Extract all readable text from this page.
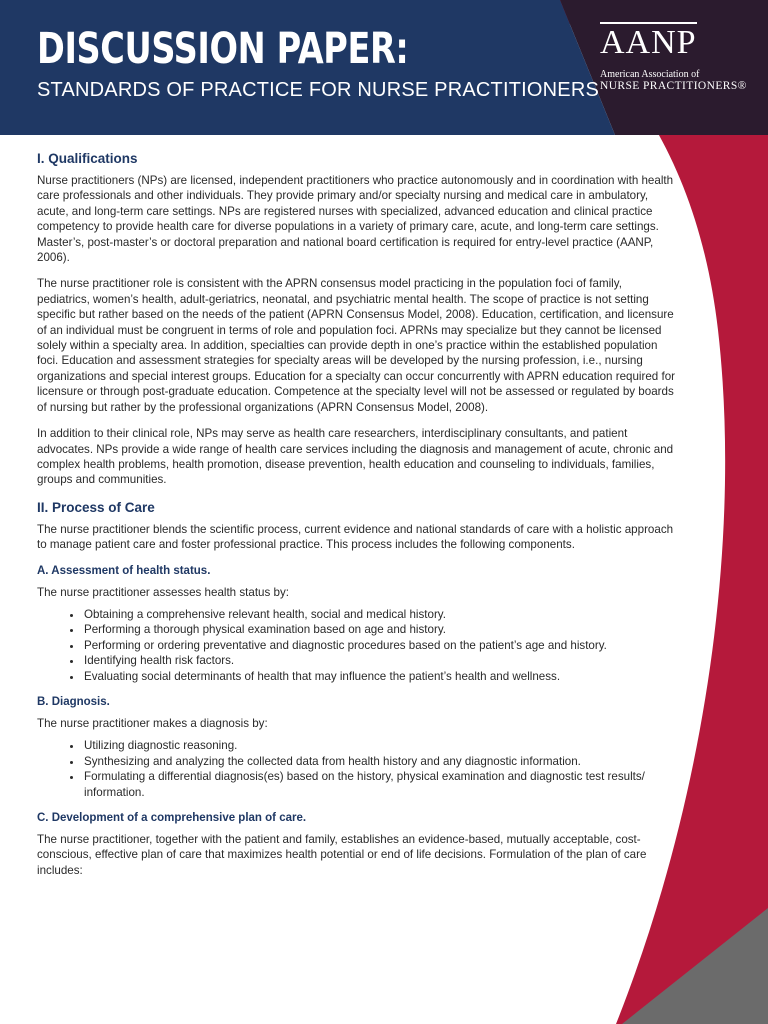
DISCUSSION PAPER:
STANDARDS OF PRACTICE FOR NURSE PRACTITIONERS
AANP
American Association of
NURSE PRACTITIONERS®
I. Qualifications

Nurse practitioners (NPs) are licensed, independent practitioners who practice autonomously and in coordination with health care professionals and other individuals. They provide primary and/or specialty nursing and medical care in ambulatory, acute, and long-term care settings. NPs are registered nurses with specialized, advanced education and clinical practice competency to provide health care for diverse populations in a variety of primary care, acute, and long-term care settings. Master’s, post-master’s or doctoral preparation and national board certification is required for entry-level practice (AANP, 2006).

The nurse practitioner role is consistent with the APRN consensus model practicing in the population foci of family, pediatrics, women’s health, adult-geriatrics, neonatal, and psychiatric mental health. The scope of practice is not setting specific but rather based on the needs of the patient (APRN Consensus Model, 2008). Education, certification, and licensure of an individual must be congruent in terms of role and population foci. APRNs may specialize but they cannot be licensed solely within a specialty area. In addition, specialties can provide depth in one’s practice within the established population foci. Education and assessment strategies for specialty areas will be developed by the nursing profession, i.e., nursing organizations and special interest groups. Education for a specialty can occur concurrently with APRN education required for licensure or through post-graduate education. Competence at the specialty level will not be assessed or regulated by boards of nursing but rather by the professional organizations (APRN Consensus Model, 2008).

In addition to their clinical role, NPs may serve as health care researchers, interdisciplinary consultants, and patient advocates. NPs provide a wide range of health care services including the diagnosis and management of acute, chronic and complex health problems, health promotion, disease prevention, health education and counseling to individuals, families, groups and communities.

II. Process of Care

The nurse practitioner blends the scientific process, current evidence and national standards of care with a holistic approach to manage patient care and foster professional practice. This process includes the following components.

A. Assessment of health status.

The nurse practitioner assesses health status by:

• Obtaining a comprehensive relevant health, social and medical history.
• Performing a thorough physical examination based on age and history.
• Performing or ordering preventative and diagnostic procedures based on the patient’s age and history.
• Identifying health risk factors.
• Evaluating social determinants of health that may influence the patient’s health and wellness.
B. Diagnosis.

The nurse practitioner makes a diagnosis by:

• Utilizing diagnostic reasoning.
• Synthesizing and analyzing the collected data from health history and any diagnostic information.
• Formulating a differential diagnosis(es) based on the history, physical examination and diagnostic test results/ information.
C. Development of a comprehensive plan of care.

The nurse practitioner, together with the patient and family, establishes an evidence-based, mutually acceptable, cost-conscious, effective plan of care that maximizes health potential or end of life decisions. Formulation of the plan of care includes:
